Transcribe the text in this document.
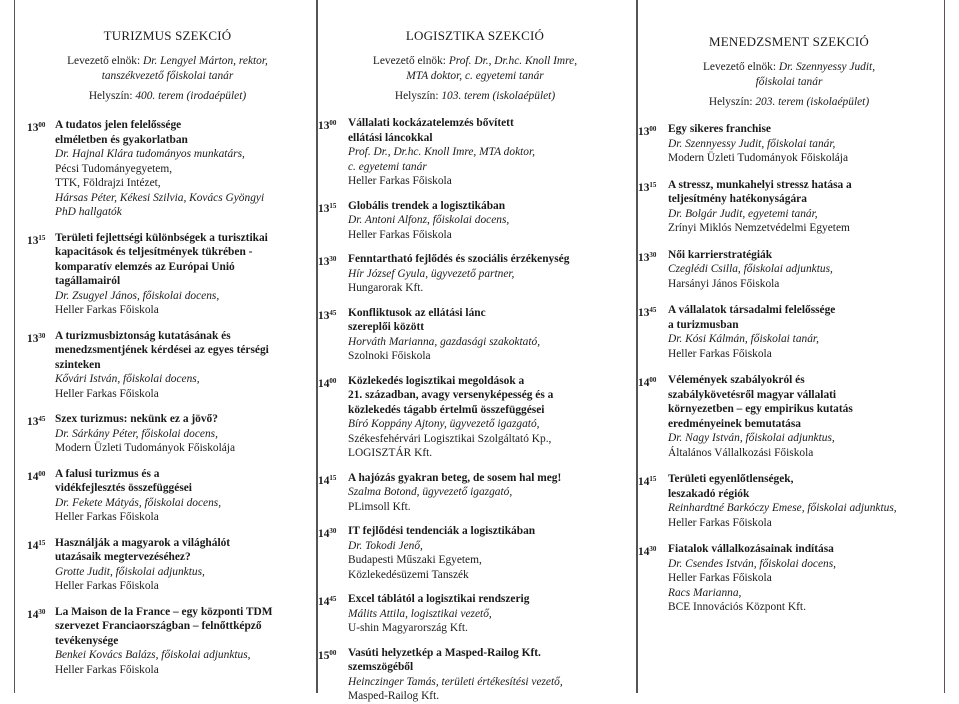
TURIZMUS SZEKCIÓ
Levezető elnök: Dr. Lengyel Márton, rektor,
tanszékvezető főiskolai tanár
Helyszín: 400. terem (irodaépület)
$13^{00}$ A tudatos jelen felelőssége
elméletben és gyakorlatban
Dr. Hajnal Klára tudományos munkatárs,
Pécsi Tudományegyetem,
TTK, Földrajzi Intézet,
Hársas Péter, Kékesi Szilvia, Kovács Gyöngyi
PhD hallgatók
$13^{15}$ Területi fejlettségi különbségek a turisztikai
kapacitások és teljesítmények tükrében -
komparatív elemzés az Európai Unió
tagállamairól
Dr. Zsugyel János, főiskolai docens,
Heller Farkas Főiskola
$13^{30}$ A turizmusbiztonság kutatásának és
menedzsmentjének kérdései az egyes térségi
szinteken
Kővári István, főiskolai docens,
Heller Farkas Főiskola
$13^{45}$ Szex turizmus: nekünk ez a jövő?
Dr. Sárkány Péter, főiskolai docens,
Modern Üzleti Tudományok Főiskolája
$14^{00}$ A falusi turizmus és a
vidékfejlesztés összefüggései
Dr. Fekete Mátyás, főiskolai docens,
Heller Farkas Főiskola
$14^{15}$ Használják a magyarok a világhálót
utazásaik megtervezéséhez?
Grotte Judit, főiskolai adjunktus,
Heller Farkas Főiskola
$14^{30}$ La Maison de la France – egy központi TDM
szervezet Franciaországban – felnőttképző
tevékenysége
Benkei Kovács Balázs, főiskolai adjunktus,
Heller Farkas Főiskola
LOGISZTIKA SZEKCIÓ
Levezető elnök: Prof. Dr., Dr.hc. Knoll Imre,
MTA doktor, c. egyetemi tanár
Helyszín: 103. terem (iskolaépület)
$13^{00}$ Vállalati kockázatelemzés bővített
ellátási láncokkal
Prof. Dr., Dr.hc. Knoll Imre, MTA doktor,
c. egyetemi tanár
Heller Farkas Főiskola
$13^{15}$ Globális trendek a logisztikában
Dr. Antoni Alfonz, főiskolai docens,
Heller Farkas Főiskola
$13^{30}$ Fenntartható fejlődés és szociális érzékenység
Hír József Gyula, ügyvezető partner,
Hungarorak Kft.
$13^{45}$ Konfliktusok az ellátási lánc
szereplői között
Horváth Marianna, gazdasági szakoktató,
Szolnoki Főiskola
$14^{00}$ Közlekedés logisztikai megoldások a
21. században, avagy versenyképesség és a
közlekedés tágabb értelmű összefüggései
Bíró Koppány Ajtony, ügyvezető igazgató,
Székesfehérvári Logisztikai Szolgáltató Kp.,
LOGISZTÁR Kft.
$14^{15}$ A hajózás gyakran beteg, de sosem hal meg!
Szalma Botond, ügyvezető igazgató,
PLimsoll Kft.
$14^{30}$ IT fejlődési tendenciák a logisztikában
Dr. Tokodi Jenő,
Budapesti Műszaki Egyetem,
Közlekedésüzemi Tanszék
$14^{45}$ Excel táblától a logisztikai rendszerig
Málits Attila, logisztikai vezető,
U-shin Magyarország Kft.
$15^{00}$ Vasúti helyzetkép a Masped-Railog Kft.
szemszögéből
Heinczinger Tamás, területi értékesítési vezető,
Masped-Railog Kft.
MENEDZSMENT SZEKCIÓ
Levezető elnök: Dr. Szennyessy Judit,
főiskolai tanár
Helyszín: 203. terem (iskolaépület)
$13^{00}$ Egy sikeres franchise
Dr. Szennyessy Judit, főiskolai tanár,
Modern Üzleti Tudományok Főiskolája
$13^{15}$ A stressz, munkahelyi stressz hatása a
teljesítmény hatékonyságára
Dr. Bolgár Judit, egyetemi tanár,
Zrínyi Miklós Nemzetvédelmi Egyetem
$13^{30}$ Női karrierstratégiák
Czeglédi Csilla, főiskolai adjunktus,
Harsányi János Főiskola
$13^{45}$ A vállalatok társadalmi felelőssége
a turizmusban
Dr. Kósi Kálmán, főiskolai tanár,
Heller Farkas Főiskola
$14^{00}$ Vélemények szabályokról és
szabálykövetésről magyar vállalati
környezetben – egy empirikus kutatás
eredményeinek bemutatása
Dr. Nagy István, főiskolai adjunktus,
Általános Vállalkozási Főiskola
$14^{15}$ Területi egyenlőtlenségek,
leszakadó régiók
Reinhardtné Barkóczy Emese, főiskolai adjunktus,
Heller Farkas Főiskola
$14^{30}$ Fiatalok vállalkozásainak indítása
Dr. Csendes István, főiskolai docens,
Heller Farkas Főiskola
Racs Marianna,
BCE Innovációs Központ Kft.
